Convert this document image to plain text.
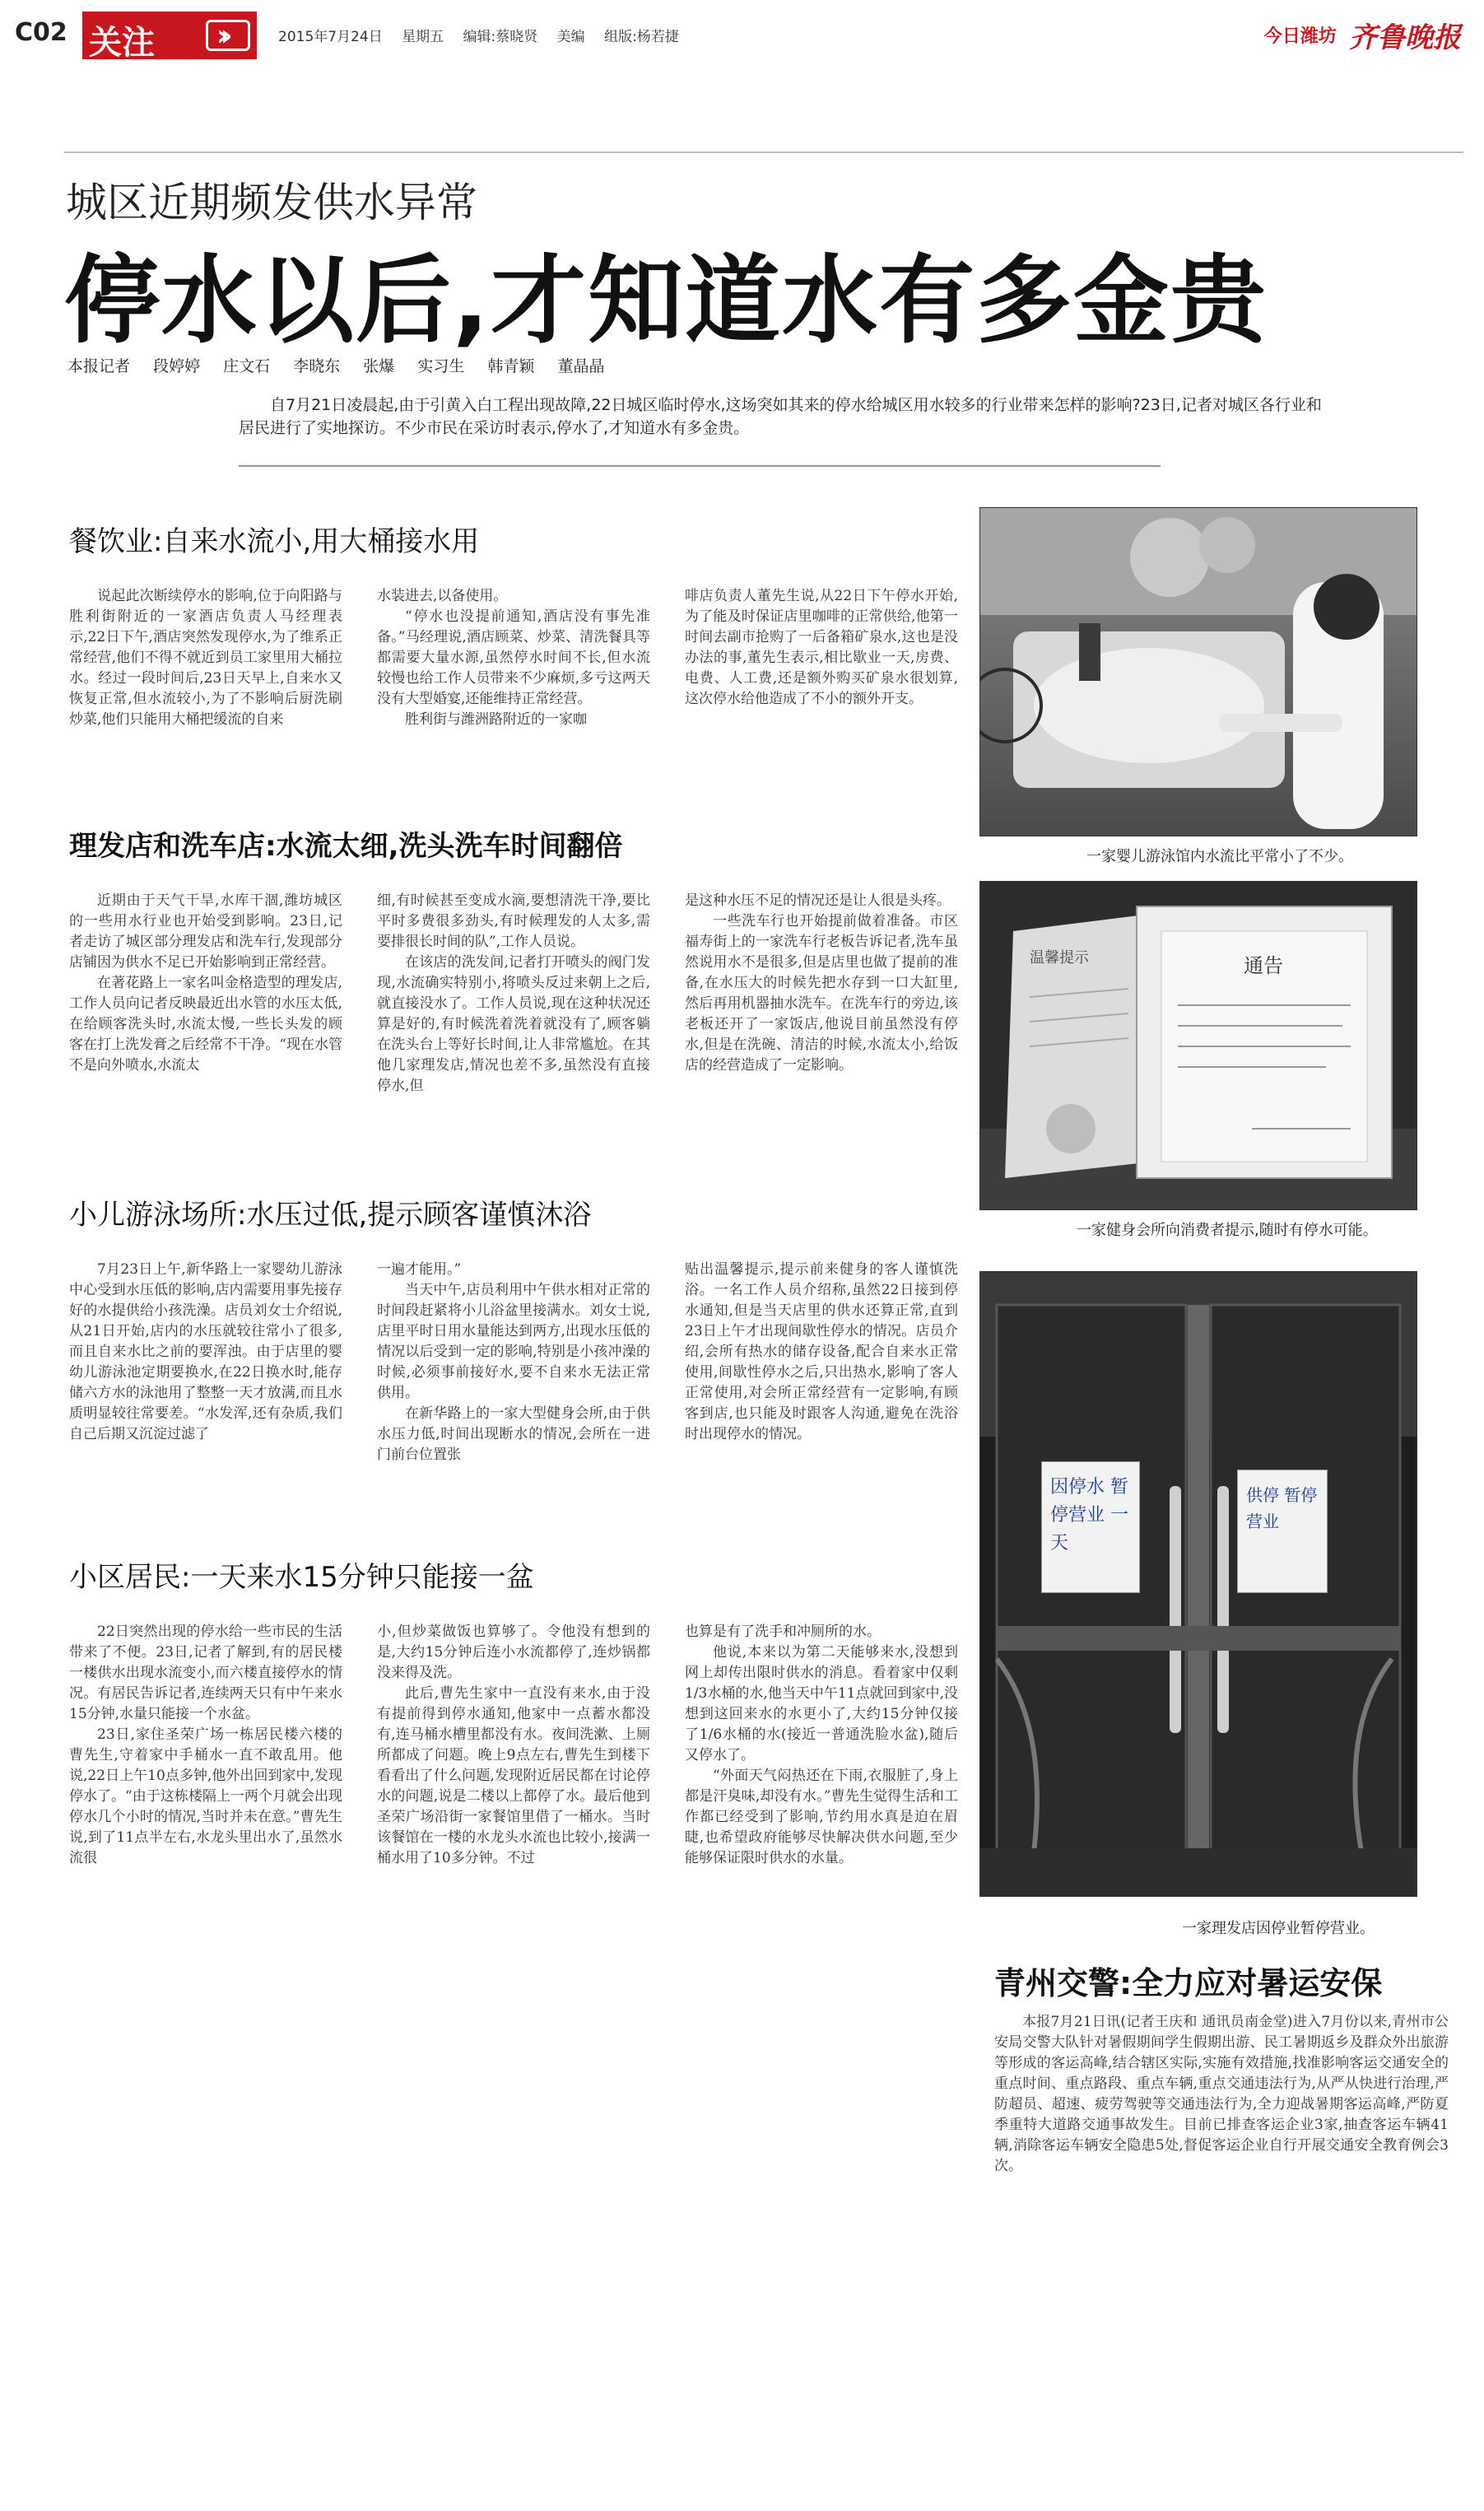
C02 关注 ››	2015年7月24日 星期五 编辑:蔡晓贤 美编 组版:杨若捷	今日潍坊 齐鲁晚报
城区近期频发供水异常
停水以后,才知道水有多金贵
本报记者 段婷婷 庄文石 李晓东 张爆 实习生 韩青颖 董晶晶
自7月21日凌晨起,由于引黄入白工程出现故障,22日城区临时停水,这场突如其来的停水给城区用水较多的行业带来怎样的影响?23日,记者对城区各行业和居民进行了实地探访。不少市民在采访时表示,停水了,才知道水有多金贵。
餐饮业:自来水流小,用大桶接水用

说起此次断续停水的影响,位于向阳路与胜利街附近的一家酒店负责人马经理表示,22日下午,酒店突然发现停水,为了维系正常经营,他们不得不就近到员工家里用大桶拉水。经过一段时间后,23日天早上,自来水又恢复正常,但水流较小,为了不影响后厨洗刷炒菜,他们只能用大桶把缓流的自来

水装进去,以备使用。

“停水也没提前通知,酒店没有事先准备。”马经理说,酒店顾菜、炒菜、清洗餐具等都需要大量水源,虽然停水时间不长,但水流较慢也给工作人员带来不少麻烦,多亏这两天没有大型婚宴,还能维持正常经营。

胜利街与潍洲路附近的一家咖

啡店负责人董先生说,从22日下午停水开始,为了能及时保证店里咖啡的正常供给,他第一时间去副市抢购了一后备箱矿泉水,这也是没办法的事,董先生表示,相比歇业一天,房费、电费、人工费,还是额外购买矿泉水很划算,这次停水给他造成了不小的额外开支。

理发店和洗车店:水流太细,洗头洗车时间翻倍

近期由于天气干旱,水库干涸,潍坊城区的一些用水行业也开始受到影响。23日,记者走访了城区部分理发店和洗车行,发现部分店铺因为供水不足已开始影响到正常经营。

在著花路上一家名叫金格造型的理发店,工作人员向记者反映最近出水管的水压太低,在给顾客洗头时,水流太慢,一些长头发的顾客在打上洗发膏之后经常不干净。“现在水管不是向外喷水,水流太

细,有时候甚至变成水滴,要想清洗干净,要比平时多费很多劲头,有时候理发的人太多,需要排很长时间的队”,工作人员说。

在该店的洗发间,记者打开喷头的阀门发现,水流确实特别小,将喷头反过来朝上之后,就直接没水了。工作人员说,现在这种状况还算是好的,有时候洗着洗着就没有了,顾客躺在洗头台上等好长时间,让人非常尴尬。在其他几家理发店,情况也差不多,虽然没有直接停水,但

是这种水压不足的情况还是让人很是头疼。

一些洗车行也开始提前做着准备。市区福寿街上的一家洗车行老板告诉记者,洗车虽然说用水不是很多,但是店里也做了提前的准备,在水压大的时候先把水存到一口大缸里,然后再用机器抽水洗车。在洗车行的旁边,该老板还开了一家饭店,他说目前虽然没有停水,但是在洗碗、清洁的时候,水流太小,给饭店的经营造成了一定影响。

小儿游泳场所:水压过低,提示顾客谨慎沐浴

7月23日上午,新华路上一家婴幼儿游泳中心受到水压低的影响,店内需要用事先接存好的水提供给小孩洗澡。店员刘女士介绍说,从21日开始,店内的水压就较往常小了很多,而且自来水比之前的要浑浊。由于店里的婴幼儿游泳池定期要换水,在22日换水时,能存储六方水的泳池用了整整一天才放满,而且水质明显较往常要差。“水发浑,还有杂质,我们自己后期又沉淀过滤了

一遍才能用。”

当天中午,店员利用中午供水相对正常的时间段赶紧将小儿浴盆里接满水。刘女士说,店里平时日用水量能达到两方,出现水压低的情况以后受到一定的影响,特别是小孩冲澡的时候,必须事前接好水,要不自来水无法正常供用。

在新华路上的一家大型健身会所,由于供水压力低,时间出现断水的情况,会所在一进门前台位置张

贴出温馨提示,提示前来健身的客人谨慎洗浴。一名工作人员介绍称,虽然22日接到停水通知,但是当天店里的供水还算正常,直到23日上午才出现间歇性停水的情况。店员介绍,会所有热水的储存设备,配合自来水正常使用,间歇性停水之后,只出热水,影响了客人正常使用,对会所正常经营有一定影响,有顾客到店,也只能及时跟客人沟通,避免在洗浴时出现停水的情况。

小区居民:一天来水15分钟只能接一盆

22日突然出现的停水给一些市民的生活带来了不便。23日,记者了解到,有的居民楼一楼供水出现水流变小,而六楼直接停水的情况。有居民告诉记者,连续两天只有中午来水15分钟,水量只能接一个水盆。

23日,家住圣荣广场一栋居民楼六楼的曹先生,守着家中手桶水一直不敢乱用。他说,22日上午10点多钟,他外出回到家中,发现停水了。“由于这栋楼隔上一两个月就会出现停水几个小时的情况,当时并未在意。”曹先生说,到了11点半左右,水龙头里出水了,虽然水流很

小,但炒菜做饭也算够了。令他没有想到的是,大约15分钟后连小水流都停了,连炒锅都没来得及洗。

此后,曹先生家中一直没有来水,由于没有提前得到停水通知,他家中一点蓄水都没有,连马桶水槽里都没有水。夜间洗漱、上厕所都成了问题。晚上9点左右,曹先生到楼下看看出了什么问题,发现附近居民都在讨论停水的问题,说是二楼以上都停了水。最后他到圣荣广场沿街一家餐馆里借了一桶水。当时该餐馆在一楼的水龙头水流也比较小,接满一桶水用了10多分钟。不过

也算是有了洗手和冲厕所的水。

他说,本来以为第二天能够来水,没想到网上却传出限时供水的消息。看着家中仅剩1/3水桶的水,他当天中午11点就回到家中,没想到这回来水的水更小了,大约15分钟仅接了1/6水桶的水(接近一普通洗脸水盆),随后又停水了。

“外面天气闷热还在下雨,衣服脏了,身上都是汗臭味,却没有水。”曹先生觉得生活和工作都已经受到了影响,节约用水真是迫在眉睫,也希望政府能够尽快解决供水问题,至少能够保证限时供水的水量。

一家婴儿游泳馆内水流比平常小了不少。
通告
温馨提示
一家健身会所向消费者提示,随时有停水可能。
因停水 暂停营业 一天
供停 暂停 营业
一家理发店因停业暂停营业。
青州交警:全力应对暑运安保
本报7月21日讯(记者王庆和 通讯员南金堂)进入7月份以来,青州市公安局交警大队针对暑假期间学生假期出游、民工暑期返乡及群众外出旅游等形成的客运高峰,结合辖区实际,实施有效措施,找准影响客运交通安全的重点时间、重点路段、重点车辆,重点交通违法行为,从严从快进行治理,严防超员、超速、疲劳驾驶等交通违法行为,全力迎战暑期客运高峰,严防夏季重特大道路交通事故发生。目前已排查客运企业3家,抽查客运车辆41辆,消除客运车辆安全隐患5处,督促客运企业自行开展交通安全教育例会3次。
